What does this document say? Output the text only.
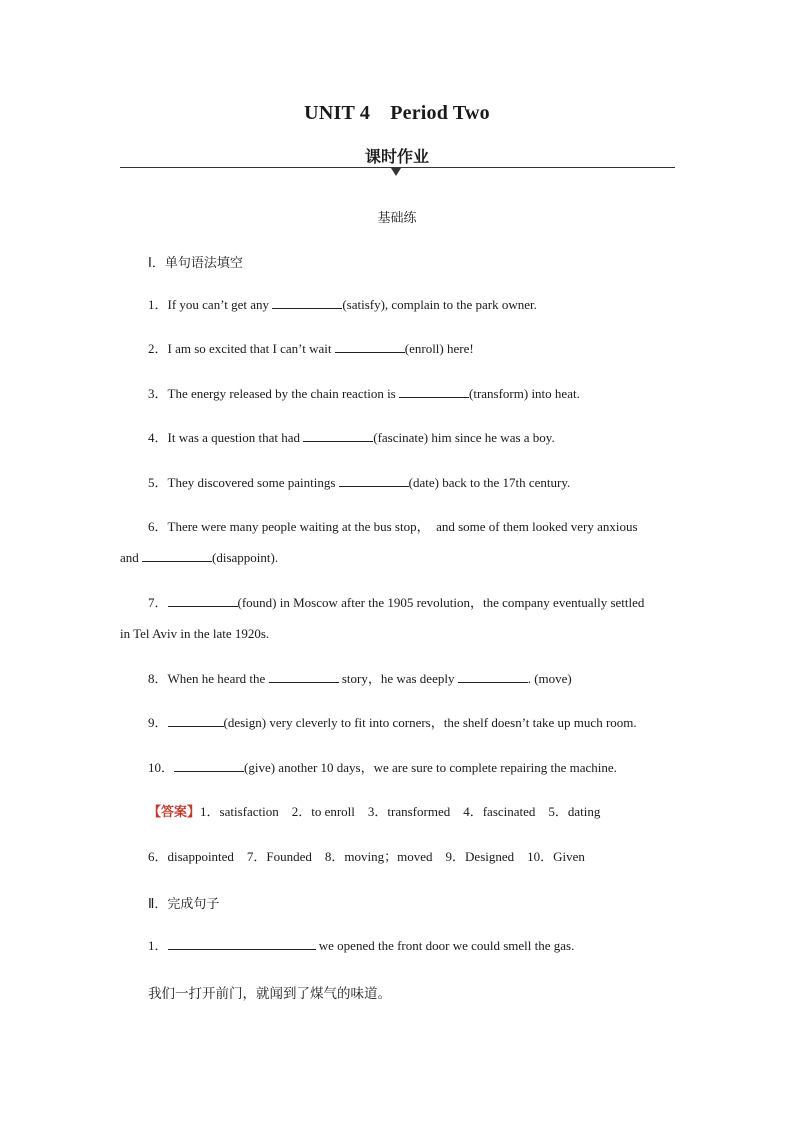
UNIT 4　Period Two
课时作业
基础练
Ⅰ．单句语法填空
1．If you can’t get any	(satisfy), complain to the park owner.
2．I am so excited that I can’t wait	(enroll) here!
3．The energy released by the chain reaction is	(transform) into heat.
4．It was a question that had	(fascinate) him since he was a boy.
5．They discovered some paintings	(date) back to the 17th century.
6．There were many people waiting at the bus stop，　and some of them looked very anxious
and	(disappoint).
7．	(found) in Moscow after the 1905 revolution，the company eventually settled
in Tel Aviv in the late 1920s.
8．When he heard the	story，he was deeply	. (move)
9．	(design) very cleverly to fit into corners，the shelf doesn’t take up much room.
10．	(give) another 10 days，we are sure to complete repairing the machine.
【答案】1．satisfaction　2．to enroll　3．transformed　4．fascinated　5．dating
6．disappointed　7．Founded　8．moving；moved　9．Designed　10．Given
Ⅱ．完成句子
1．	we opened the front door we could smell the gas.
我们一打开前门，就闻到了煤气的味道。
